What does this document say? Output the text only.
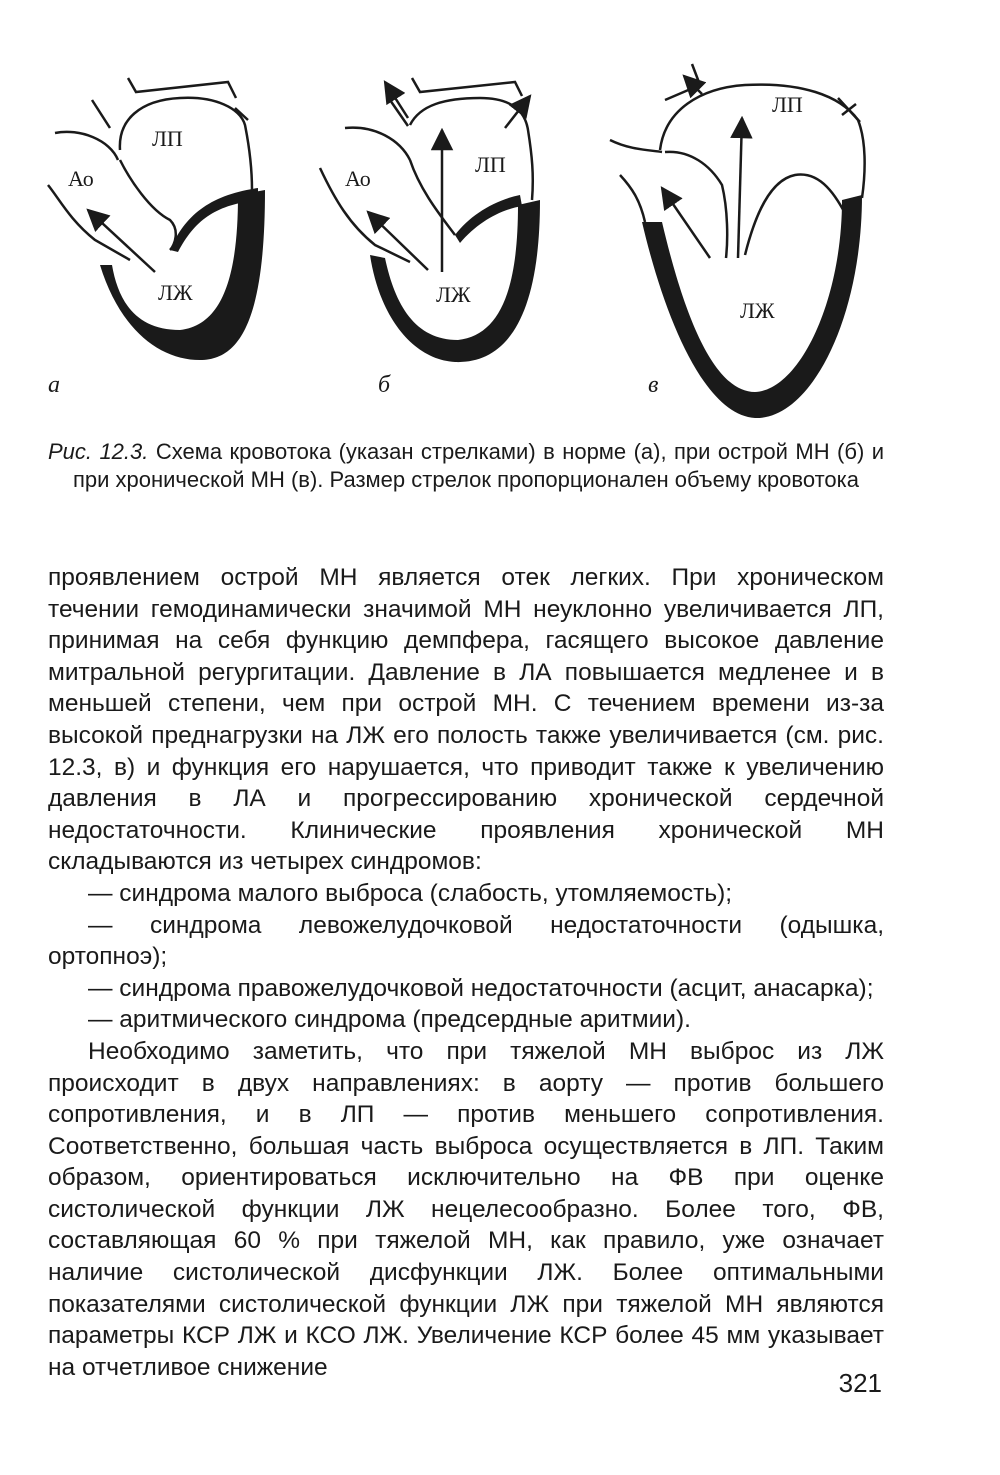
ЛП
Ао
ЛЖ
а
ЛП
Ао
ЛЖ
б
ЛП
ЛЖ
в
Рис. 12.3. Схема кровотока (указан стрелками) в норме (а), при острой МН (б) и при хронической МН (в). Размер стрелок пропорционален объему кровотока

проявлением острой МН является отек легких. При хроническом течении гемодинамически значимой МН неуклонно увеличивается ЛП, принимая на себя функцию демпфера, гасящего высокое давление митральной регургитации. Давление в ЛА повышается медленее и в меньшей степени, чем при острой МН. С течением времени из-за высокой преднагрузки на ЛЖ его полость также увеличивается (см. рис. 12.3, в) и функция его нарушается, что приводит также к увеличению давления в ЛА и прогрессированию хронической сердечной недостаточности. Клинические проявления хронической МН складываются из четырех синдромов:

— синдрома малого выброса (слабость, утомляемость);

— синдрома левожелудочковой недостаточности (одышка, ортопноэ);

— синдрома правожелудочковой недостаточности (асцит, анасарка);

— аритмического синдрома (предсердные аритмии).

Необходимо заметить, что при тяжелой МН выброс из ЛЖ происходит в двух направлениях: в аорту — против большего сопротивления, и в ЛП — против меньшего сопротивления. Соответственно, большая часть выброса осуществляется в ЛП. Таким образом, ориентироваться исключительно на ФВ при оценке систолической функции ЛЖ нецелесообразно. Более того, ФВ, составляющая 60 % при тяжелой МН, как правило, уже означает наличие систолической дисфункции ЛЖ. Более оптимальными показателями систолической функции ЛЖ при тяжелой МН являются параметры КСР ЛЖ и КСО ЛЖ. Увеличение КСР более 45 мм указывает на отчетливое снижение

321
